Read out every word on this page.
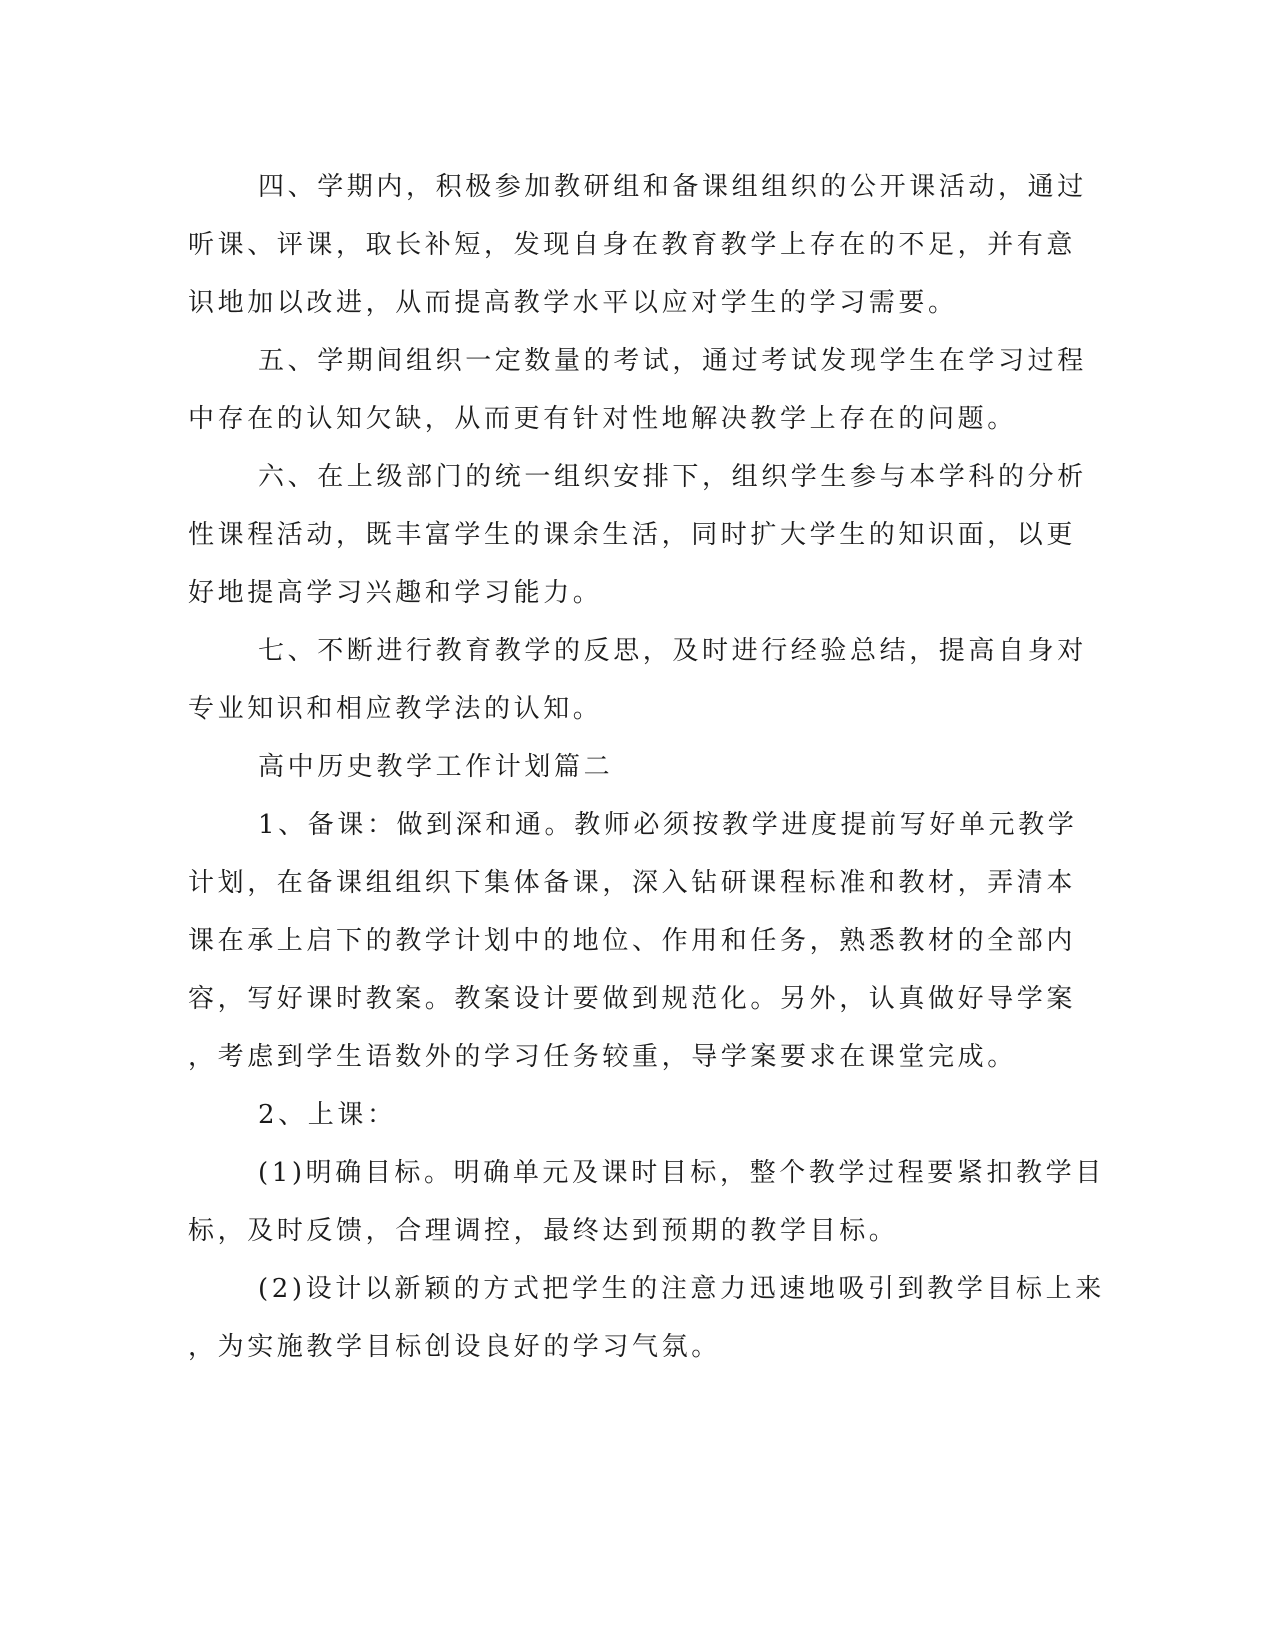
四、学期内，积极参加教研组和备课组组织的公开课活动，通过
听课、评课，取长补短，发现自身在教育教学上存在的不足，并有意
识地加以改进，从而提高教学水平以应对学生的学习需要。
五、学期间组织一定数量的考试，通过考试发现学生在学习过程
中存在的认知欠缺，从而更有针对性地解决教学上存在的问题。
六、在上级部门的统一组织安排下，组织学生参与本学科的分析
性课程活动，既丰富学生的课余生活，同时扩大学生的知识面，以更
好地提高学习兴趣和学习能力。
七、不断进行教育教学的反思，及时进行经验总结，提高自身对
专业知识和相应教学法的认知。
高中历史教学工作计划篇二
1、备课：做到深和通。教师必须按教学进度提前写好单元教学
计划，在备课组组织下集体备课，深入钻研课程标准和教材，弄清本
课在承上启下的教学计划中的地位、作用和任务，熟悉教材的全部内
容，写好课时教案。教案设计要做到规范化。另外，认真做好导学案
，考虑到学生语数外的学习任务较重，导学案要求在课堂完成。
2、上课：
(1)明确目标。明确单元及课时目标，整个教学过程要紧扣教学目
标，及时反馈，合理调控，最终达到预期的教学目标。
(2)设计以新颖的方式把学生的注意力迅速地吸引到教学目标上来
，为实施教学目标创设良好的学习气氛。
